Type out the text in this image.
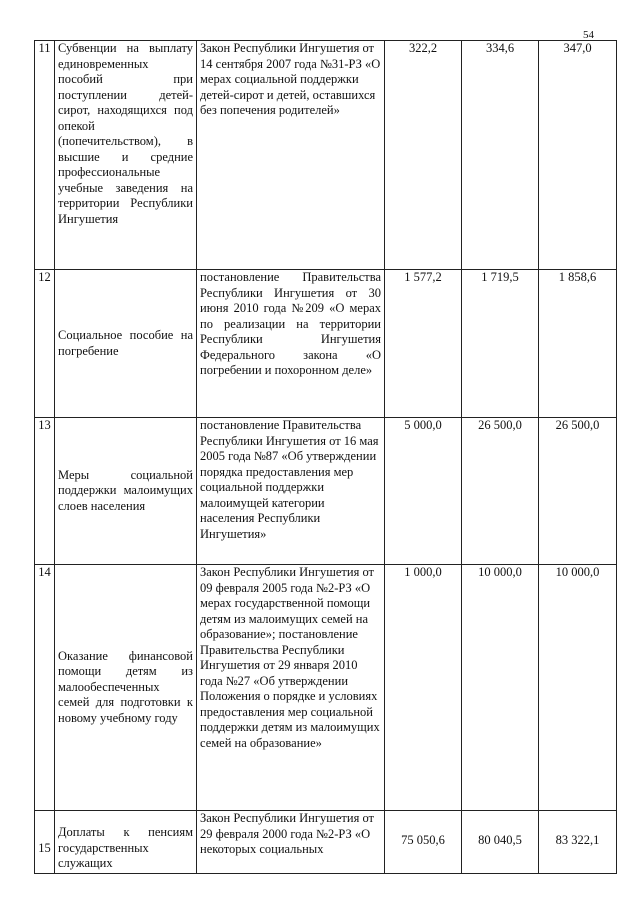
54
11	Субвенции на выплату единовременных пособий при поступлении детей-сирот, находящихся под опекой (попечительством), в высшие и средние профессиональные учебные заведения на территории Республики Ингушетия	Закон Республики Ингушетия от 14 сентября 2007 года №31-РЗ «О мерах социальной поддержки детей-сирот и детей, оставшихся без попечения родителей»	322,2	334,6	347,0
12	Социальное пособие на погребение	постановление Правительства Республики Ингушетия от 30 июня 2010 года №209 «О мерах по реализации на территории Республики Ингушетия Федерального закона «О погребении и похоронном деле»	1 577,2	1 719,5	1 858,6
13	Меры социальной поддержки малоимущих слоев населения	постановление Правительства Республики Ингушетия от 16 мая 2005 года №87 «Об утверждении порядка предоставления мер социальной поддержки малоимущей категории населения Республики Ингушетия»	5 000,0	26 500,0	26 500,0
14	Оказание финансовой помощи детям из малообеспеченных семей для подготовки к новому учебному году	Закон Республики Ингушетия от 09 февраля 2005 года №2-РЗ «О мерах государственной помощи детям из малоимущих семей на образование»; постановление Правительства Республики Ингушетия от 29 января 2010 года №27 «Об утверждении Положения о порядке и условиях предоставления мер социальной поддержки детям из малоимущих семей на образование»	1 000,0	10 000,0	10 000,0
15	Доплаты к пенсиям государственных служащих	Закон Республики Ингушетия от 29 февраля 2000 года №2-РЗ «О некоторых социальных	75 050,6	80 040,5	83 322,1
